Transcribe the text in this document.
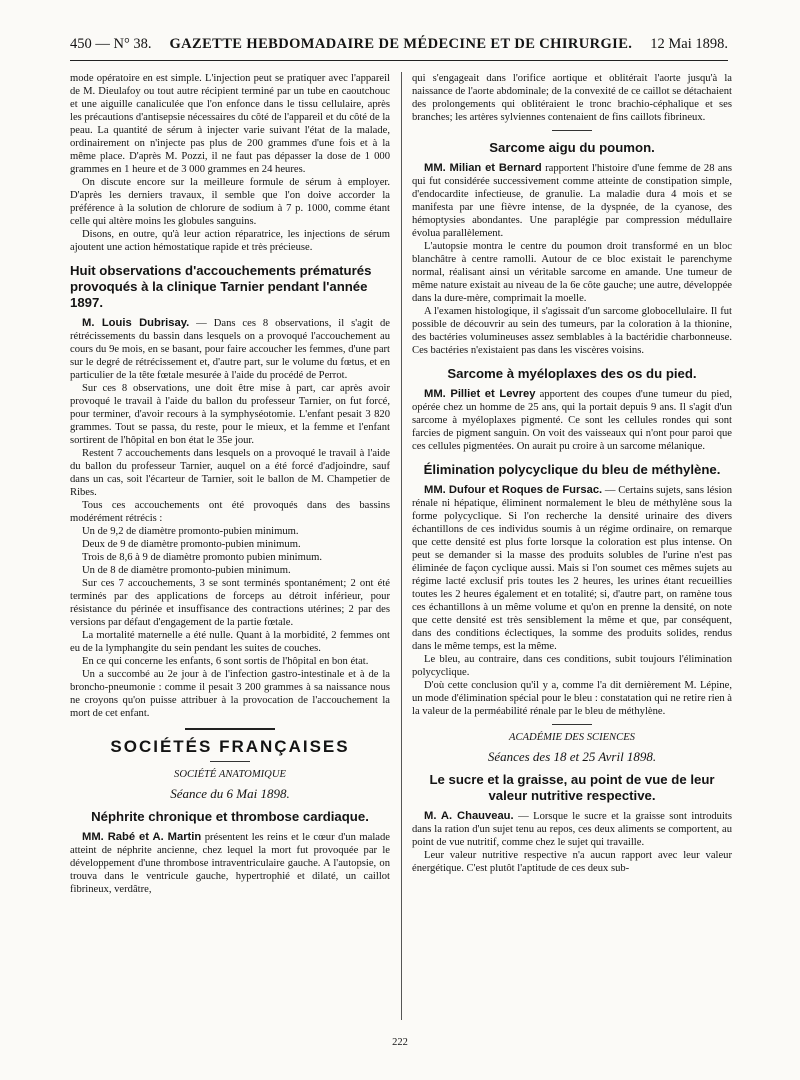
450 — N° 38. GAZETTE HEBDOMADAIRE DE MÉDECINE ET DE CHIRURGIE. 12 Mai 1898.

mode opératoire en est simple. L'injection peut se pratiquer avec l'appareil de M. Dieulafoy ou tout autre récipient terminé par un tube en caoutchouc et une aiguille canaliculée que l'on enfonce dans le tissu cellulaire, après les précautions d'antisepsie nécessaires du côté de l'appareil et du côté de la peau. La quantité de sérum à injecter varie suivant l'état de la malade, ordinairement on n'injecte pas plus de 200 grammes d'une fois et à la même place. D'après M. Pozzi, il ne faut pas dépasser la dose de 1 000 grammes en 1 heure et de 3 000 grammes en 24 heures.

On discute encore sur la meilleure formule de sérum à employer. D'après les derniers travaux, il semble que l'on doive accorder la préférence à la solution de chlorure de sodium à 7 p. 1000, comme étant celle qui altère moins les globules sanguins.

Disons, en outre, qu'à leur action réparatrice, les injections de sérum ajoutent une action hémostatique rapide et très précieuse.

Huit observations d'accouchements prématurés provoqués à la clinique Tarnier pendant l'année 1897.

M. Louis Dubrisay. — Dans ces 8 observations, il s'agit de rétrécissements du bassin dans lesquels on a provoqué l'accouchement au cours du 9e mois, en se basant, pour faire accoucher les femmes, d'une part sur le degré de rétrécissement et, d'autre part, sur le volume du fœtus, et en particulier de la tête fœtale mesurée à l'aide du procédé de Perrot.

Sur ces 8 observations, une doit être mise à part, car après avoir provoqué le travail à l'aide du ballon du professeur Tarnier, on fut forcé, pour terminer, d'avoir recours à la symphyséotomie. L'enfant pesait 3 820 grammes. Tout se passa, du reste, pour le mieux, et la femme et l'enfant sortirent de l'hôpital en bon état le 35e jour.

Restent 7 accouchements dans lesquels on a provoqué le travail à l'aide du ballon du professeur Tarnier, auquel on a été forcé d'adjoindre, sauf dans un cas, soit l'écarteur de Tarnier, soit le ballon de M. Champetier de Ribes.

Tous ces accouchements ont été provoqués dans des bassins modérément rétrécis :

Un de 9,2 de diamètre promonto-pubien minimum.

Deux de 9 de diamètre promonto-pubien minimum.

Trois de 8,6 à 9 de diamètre promonto pubien minimum.

Un de 8 de diamètre promonto-pubien minimum.

Sur ces 7 accouchements, 3 se sont terminés spontanément; 2 ont été terminés par des applications de forceps au détroit inférieur, pour résistance du périnée et insuffisance des contractions utérines; 2 par des versions par défaut d'engagement de la partie fœtale.

La mortalité maternelle a été nulle. Quant à la morbidité, 2 femmes ont eu de la lymphangite du sein pendant les suites de couches.

En ce qui concerne les enfants, 6 sont sortis de l'hôpital en bon état.

Un a succombé au 2e jour à de l'infection gastro-intestinale et à de la broncho-pneumonie : comme il pesait 3 200 grammes à sa naissance nous ne croyons qu'on puisse attribuer à la provocation de l'accouchement la mort de cet enfant.

SOCIÉTÉS FRANÇAISES
SOCIÉTÉ ANATOMIQUE
Séance du 6 Mai 1898.
Néphrite chronique et thrombose cardiaque.

MM. Rabé et A. Martin présentent les reins et le cœur d'un malade atteint de néphrite ancienne, chez lequel la mort fut provoquée par le développement d'une thrombose intraventriculaire gauche. A l'autopsie, on trouva dans le ventricule gauche, hypertrophié et dilaté, un caillot fibrineux, verdâtre,

qui s'engageait dans l'orifice aortique et oblitérait l'aorte jusqu'à la naissance de l'aorte abdominale; de la convexité de ce caillot se détachaient des prolongements qui oblitéraient le tronc brachio-céphalique et ses branches; les artères sylviennes contenaient de fins caillots fibrineux.

Sarcome aigu du poumon.

MM. Milian et Bernard rapportent l'histoire d'une femme de 28 ans qui fut considérée successivement comme atteinte de constipation simple, d'endocardite infectieuse, de granulie. La maladie dura 4 mois et se manifesta par une fièvre intense, de la dyspnée, de la cyanose, des hémoptysies abondantes. Une paraplégie par compression médullaire évolua parallèlement.

L'autopsie montra le centre du poumon droit transformé en un bloc blanchâtre à centre ramolli. Autour de ce bloc existait le parenchyme normal, réalisant ainsi un véritable sarcome en amande. Une tumeur de même nature existait au niveau de la 6e côte gauche; une autre, développée dans la dure-mère, comprimait la moelle.

A l'examen histologique, il s'agissait d'un sarcome globocellulaire. Il fut possible de découvrir au sein des tumeurs, par la coloration à la thionine, des bactéries volumineuses assez semblables à la bactéridie charbonneuse. Ces bactéries n'existaient pas dans les viscères voisins.

Sarcome à myéloplaxes des os du pied.

MM. Pilliet et Levrey apportent des coupes d'une tumeur du pied, opérée chez un homme de 25 ans, qui la portait depuis 9 ans. Il s'agit d'un sarcome à myéloplaxes pigmenté. Ce sont les cellules rondes qui sont farcies de pigment sanguin. On voit des vaisseaux qui n'ont pour paroi que ces cellules pigmentées. On aurait pu croire à un sarcome mélanique.

Élimination polycyclique du bleu de méthylène.

MM. Dufour et Roques de Fursac. — Certains sujets, sans lésion rénale ni hépatique, éliminent normalement le bleu de méthylène sous la forme polycyclique. Si l'on recherche la densité urinaire des divers échantillons de ces individus soumis à un régime ordinaire, on remarque que cette densité est plus forte lorsque la coloration est plus intense. On peut se demander si la masse des produits solubles de l'urine n'est pas éliminée de façon cyclique aussi. Mais si l'on soumet ces mêmes sujets au régime lacté exclusif pris toutes les 2 heures, les urines étant recueillies toutes les 2 heures également et en totalité; si, d'autre part, on ramène tous ces échantillons à un même volume et qu'on en prenne la densité, on note que cette densité est très sensiblement la même et que, par conséquent, dans des conditions éclectiques, la somme des produits solides, rendus dans le même temps, est la même.

Le bleu, au contraire, dans ces conditions, subit toujours l'élimination polycyclique.

D'où cette conclusion qu'il y a, comme l'a dit dernièrement M. Lépine, un mode d'élimination spécial pour le bleu : constatation qui ne retire rien à la valeur de la perméabilité rénale par le bleu de méthylène.

ACADÉMIE DES SCIENCES
Séances des 18 et 25 Avril 1898.
Le sucre et la graisse, au point de vue de leur valeur nutritive respective.

M. A. Chauveau. — Lorsque le sucre et la graisse sont introduits dans la ration d'un sujet tenu au repos, ces deux aliments se comportent, au point de vue nutritif, comme chez le sujet qui travaille.

Leur valeur nutritive respective n'a aucun rapport avec leur valeur énergétique. C'est plutôt l'aptitude de ces deux sub-

222
